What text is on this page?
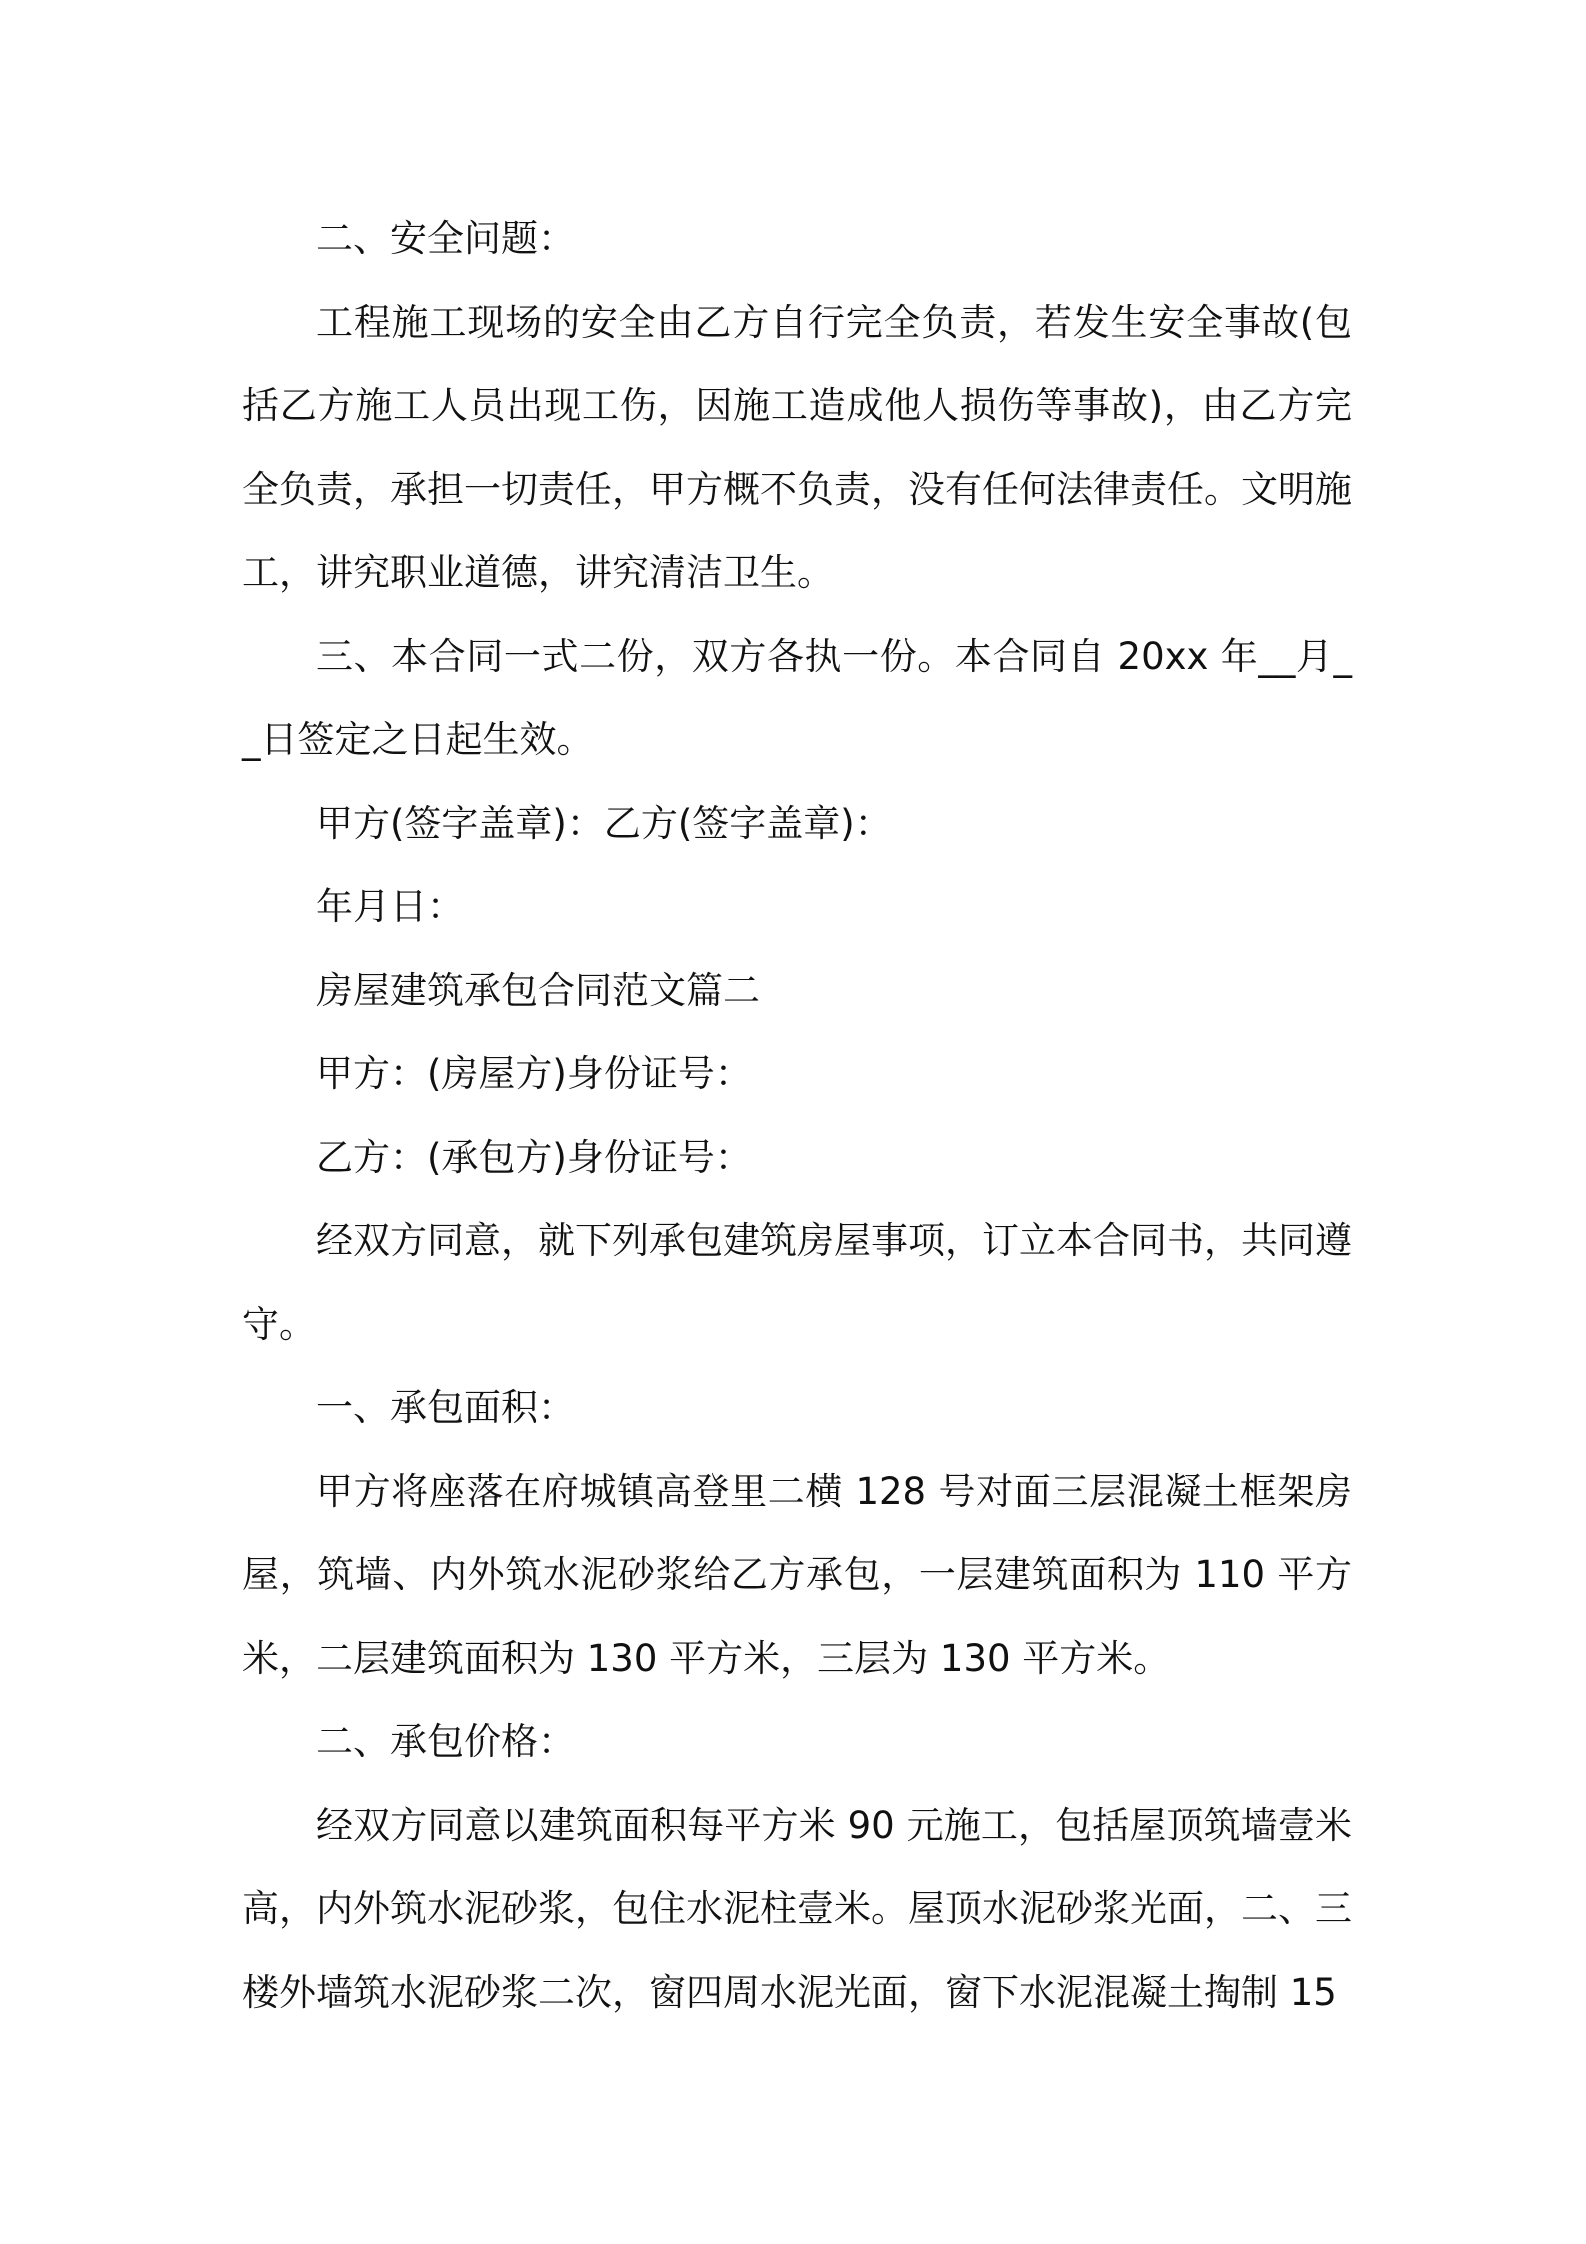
二、安全问题：

工程施工现场的安全由乙方自行完全负责，若发生安全事故(包括乙方施工人员出现工伤，因施工造成他人损伤等事故)，由乙方完全负责，承担一切责任，甲方概不负责，没有任何法律责任。文明施工，讲究职业道德，讲究清洁卫生。

三、本合同一式二份，双方各执一份。本合同自 20xx 年__月__日签定之日起生效。

甲方(签字盖章)：乙方(签字盖章)：

年月日：

房屋建筑承包合同范文篇二

甲方：(房屋方)身份证号：

乙方：(承包方)身份证号：

经双方同意，就下列承包建筑房屋事项，订立本合同书，共同遵守。

一、承包面积：

甲方将座落在府城镇高登里二横 128 号对面三层混凝土框架房屋，筑墙、内外筑水泥砂浆给乙方承包，一层建筑面积为 110 平方米，二层建筑面积为 130 平方米，三层为 130 平方米。

二、承包价格：

经双方同意以建筑面积每平方米 90 元施工，包括屋顶筑墙壹米高，内外筑水泥砂浆，包住水泥柱壹米。屋顶水泥砂浆光面，二、三楼外墙筑水泥砂浆二次，窗四周水泥光面，窗下水泥混凝土掏制 15
